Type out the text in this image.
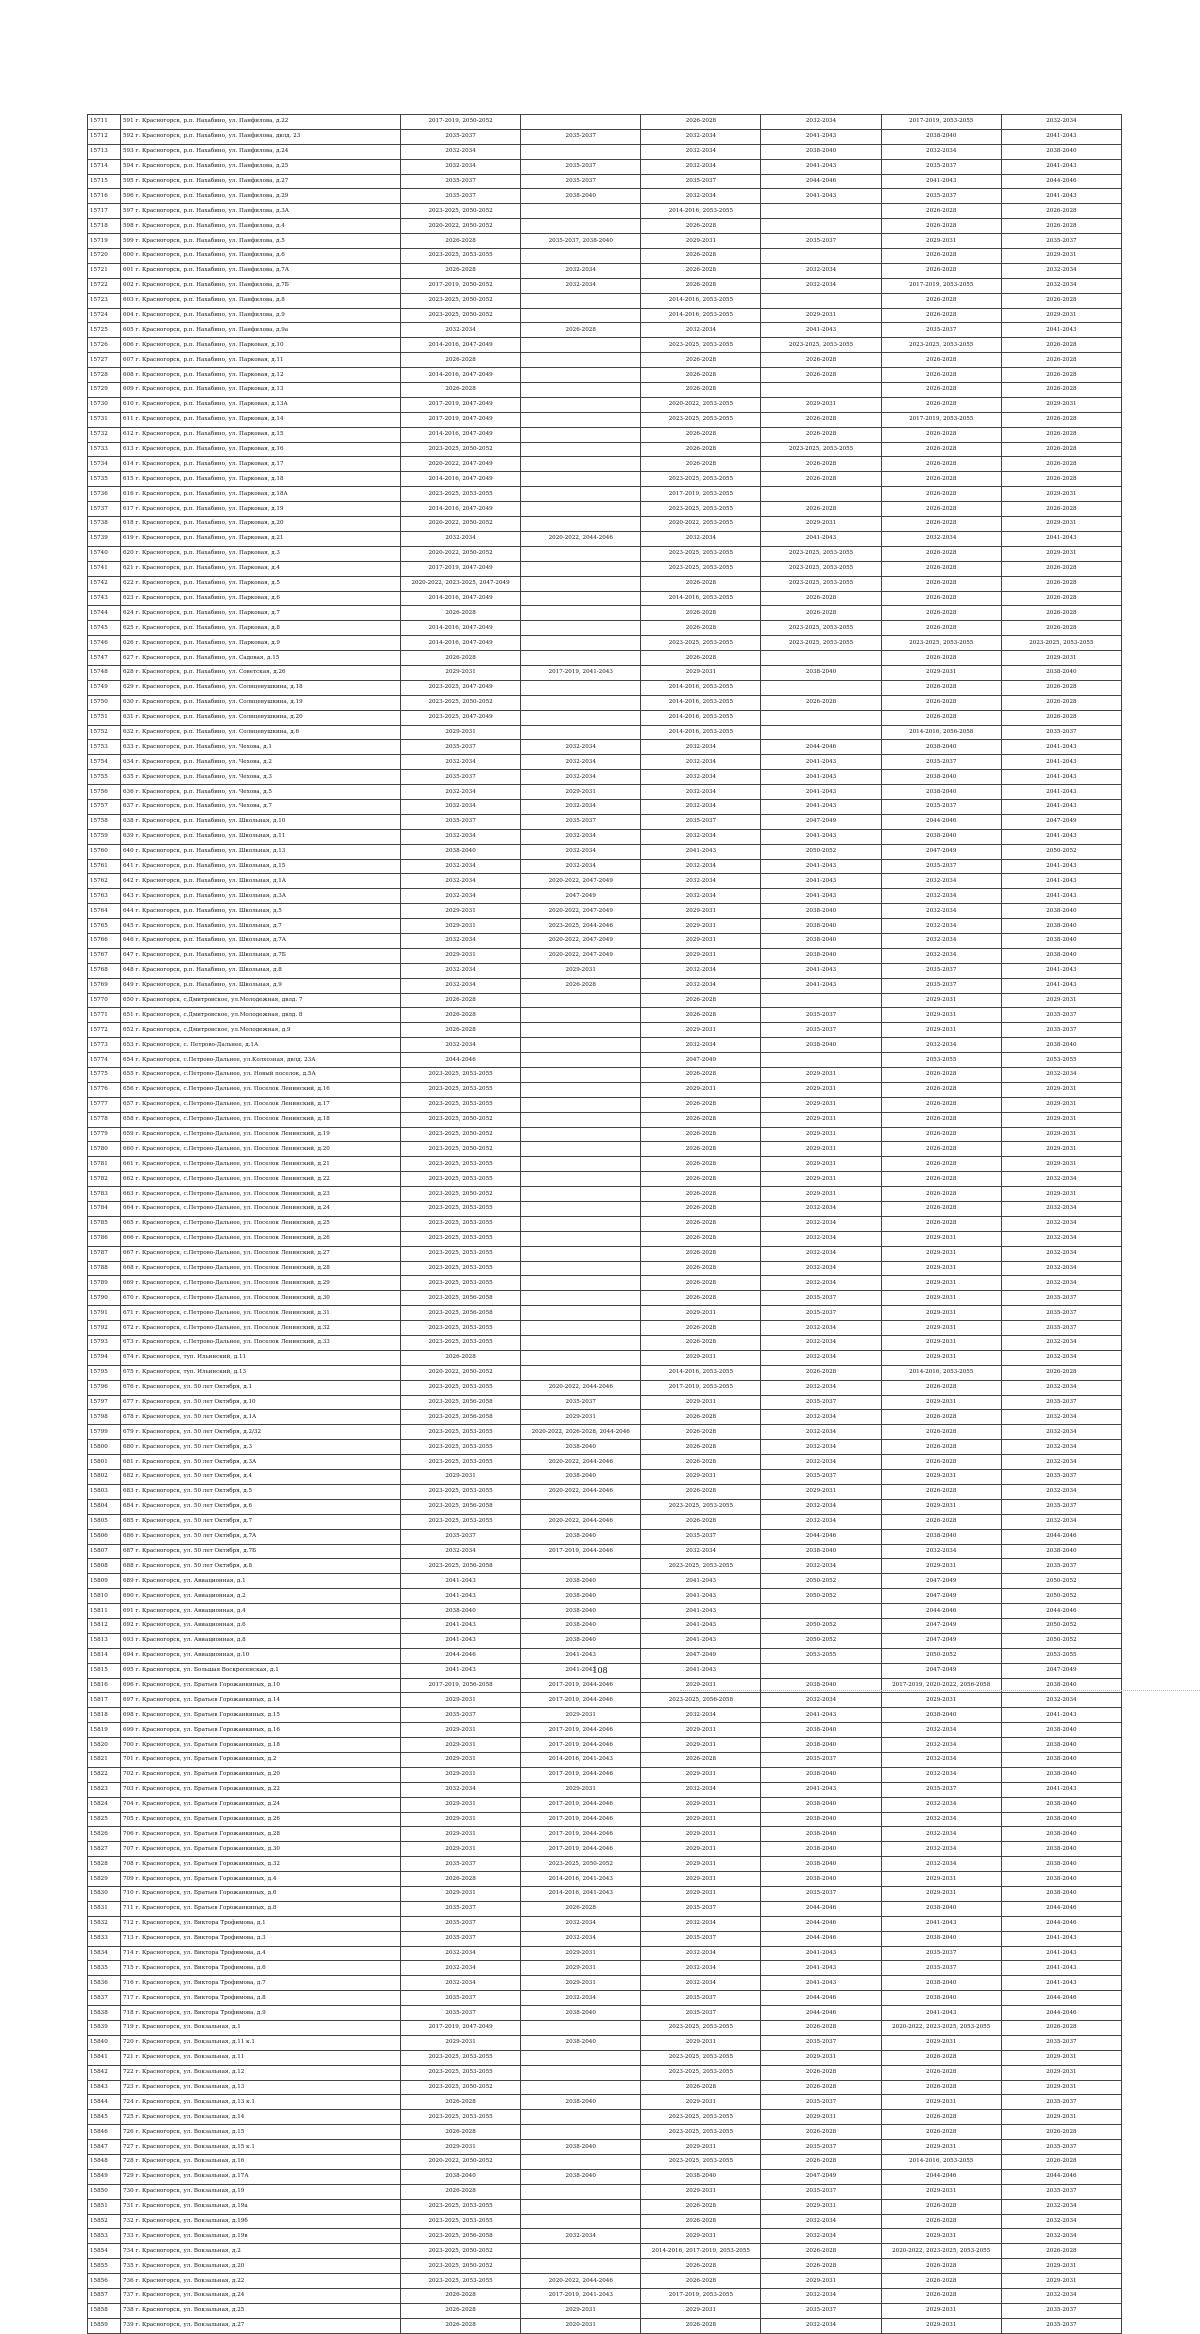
15711	591 г. Красногорск, р.п. Нахабино, ул. Панфилова, д.22	2017-2019, 2050-2052		2026-2028	2032-2034	2017-2019, 2053-2055	2032-2034
15712	592 г. Красногорск, р.п. Нахабино, ул. Панфилова, двлд. 23	2035-2037	2035-2037	2032-2034	2041-2043	2038-2040	2041-2043
15713	593 г. Красногорск, р.п. Нахабино, ул. Панфилова, д.24	2032-2034		2032-2034	2038-2040	2032-2034	2038-2040
15714	594 г. Красногорск, р.п. Нахабино, ул. Панфилова, д.25	2032-2034	2035-2037	2032-2034	2041-2043	2035-2037	2041-2043
15715	595 г. Красногорск, р.п. Нахабино, ул. Панфилова, д.27	2035-2037	2035-2037	2035-2037	2044-2046	2041-2043	2044-2046
15716	596 г. Красногорск, р.п. Нахабино, ул. Панфилова, д.29	2035-2037	2038-2040	2032-2034	2041-2043	2035-2037	2041-2043
15717	597 г. Красногорск, р.п. Нахабино, ул. Панфилова, д.3А	2023-2025, 2050-2052		2014-2016, 2053-2055		2026-2028	2026-2028
15718	598 г. Красногорск, р.п. Нахабино, ул. Панфилова, д.4	2020-2022, 2050-2052		2026-2028		2026-2028	2026-2028
15719	599 г. Красногорск, р.п. Нахабино, ул. Панфилова, д.5	2026-2028	2035-2037, 2038-2040	2029-2031	2035-2037	2029-2031	2035-2037
15720	600 г. Красногорск, р.п. Нахабино, ул. Панфилова, д.6	2023-2025, 2053-2055		2026-2028		2026-2028	2029-2031
15721	601 г. Красногорск, р.п. Нахабино, ул. Панфилова, д.7А	2026-2028	2032-2034	2026-2028	2032-2034	2026-2028	2032-2034
15722	602 г. Красногорск, р.п. Нахабино, ул. Панфилова, д.7Б	2017-2019, 2050-2052	2032-2034	2026-2028	2032-2034	2017-2019, 2053-2055	2032-2034
15723	603 г. Красногорск, р.п. Нахабино, ул. Панфилова, д.8	2023-2025, 2050-2052		2014-2016, 2053-2055		2026-2028	2026-2028
15724	604 г. Красногорск, р.п. Нахабино, ул. Панфилова, д.9	2023-2025, 2050-2052		2014-2016, 2053-2055	2029-2031	2026-2028	2029-2031
15725	605 г. Красногорск, р.п. Нахабино, ул. Панфилова, д.9а	2032-2034	2026-2028	2032-2034	2041-2043	2035-2037	2041-2043
15726	606 г. Красногорск, р.п. Нахабино, ул. Парковая, д.10	2014-2016, 2047-2049		2023-2025, 2053-2055	2023-2025, 2053-2055	2023-2025, 2053-2055	2026-2028
15727	607 г. Красногорск, р.п. Нахабино, ул. Парковая, д.11	2026-2028		2026-2028	2026-2028	2026-2028	2026-2028
15728	608 г. Красногорск, р.п. Нахабино, ул. Парковая, д.12	2014-2016, 2047-2049		2026-2028	2026-2028	2026-2028	2026-2028
15729	609 г. Красногорск, р.п. Нахабино, ул. Парковая, д.13	2026-2028		2026-2028		2026-2028	2026-2028
15730	610 г. Красногорск, р.п. Нахабино, ул. Парковая, д.13А	2017-2019, 2047-2049		2020-2022, 2053-2055	2029-2031	2026-2028	2029-2031
15731	611 г. Красногорск, р.п. Нахабино, ул. Парковая, д.14	2017-2019, 2047-2049		2023-2025, 2053-2055	2026-2028	2017-2019, 2053-2055	2026-2028
15732	612 г. Красногорск, р.п. Нахабино, ул. Парковая, д.15	2014-2016, 2047-2049		2026-2028	2026-2028	2026-2028	2026-2028
15733	613 г. Красногорск, р.п. Нахабино, ул. Парковая, д.16	2023-2025, 2050-2052		2026-2028	2023-2025, 2053-2055	2026-2028	2026-2028
15734	614 г. Красногорск, р.п. Нахабино, ул. Парковая, д.17	2020-2022, 2047-2049		2026-2028	2026-2028	2026-2028	2026-2028
15735	615 г. Красногорск, р.п. Нахабино, ул. Парковая, д.18	2014-2016, 2047-2049		2023-2025, 2053-2055	2026-2028	2026-2028	2026-2028
15736	616 г. Красногорск, р.п. Нахабино, ул. Парковая, д.18А	2023-2025, 2053-2055		2017-2019, 2053-2055		2026-2028	2029-2031
15737	617 г. Красногорск, р.п. Нахабино, ул. Парковая, д.19	2014-2016, 2047-2049		2023-2025, 2053-2055	2026-2028	2026-2028	2026-2028
15738	618 г. Красногорск, р.п. Нахабино, ул. Парковая, д.20	2020-2022, 2050-2052		2020-2022, 2053-2055	2029-2031	2026-2028	2029-2031
15739	619 г. Красногорск, р.п. Нахабино, ул. Парковая, д.21	2032-2034	2020-2022, 2044-2046	2032-2034	2041-2043	2032-2034	2041-2043
15740	620 г. Красногорск, р.п. Нахабино, ул. Парковая, д.3	2020-2022, 2050-2052		2023-2025, 2053-2055	2023-2025, 2053-2055	2026-2028	2029-2031
15741	621 г. Красногорск, р.п. Нахабино, ул. Парковая, д.4	2017-2019, 2047-2049		2023-2025, 2053-2055	2023-2025, 2053-2055	2026-2028	2026-2028
15742	622 г. Красногорск, р.п. Нахабино, ул. Парковая, д.5	2020-2022, 2023-2025, 2047-2049		2026-2028	2023-2025, 2053-2055	2026-2028	2026-2028
15743	623 г. Красногорск, р.п. Нахабино, ул. Парковая, д.6	2014-2016, 2047-2049		2014-2016, 2053-2055	2026-2028	2026-2028	2026-2028
15744	624 г. Красногорск, р.п. Нахабино, ул. Парковая, д.7	2026-2028		2026-2028	2026-2028	2026-2028	2026-2028
15745	625 г. Красногорск, р.п. Нахабино, ул. Парковая, д.8	2014-2016, 2047-2049		2026-2028	2023-2025, 2053-2055	2026-2028	2026-2028
15746	626 г. Красногорск, р.п. Нахабино, ул. Парковая, д.9	2014-2016, 2047-2049		2023-2025, 2053-2055	2023-2025, 2053-2055	2023-2025, 2053-2055	2023-2025, 2053-2055
15747	627 г. Красногорск, р.п. Нахабино, ул. Садовая, д.15	2026-2028		2026-2028		2026-2028	2029-2031
15748	628 г. Красногорск, р.п. Нахабино, ул. Советская, д.26	2029-2031	2017-2019, 2041-2043	2029-2031	2038-2040	2029-2031	2038-2040
15749	629 г. Красногорск, р.п. Нахабино, ул. Солнцевушкина, д.18	2023-2025, 2047-2049		2014-2016, 2053-2055		2026-2028	2026-2028
15750	630 г. Красногорск, р.п. Нахабино, ул. Солнцевушкина, д.19	2023-2025, 2050-2052		2014-2016, 2053-2055	2026-2028	2026-2028	2026-2028
15751	631 г. Красногорск, р.п. Нахабино, ул. Солнцевушкина, д.20	2023-2025, 2047-2049		2014-2016, 2053-2055		2026-2028	2026-2028
15752	632 г. Красногорск, р.п. Нахабино, ул. Солнцевушкина, д.6	2029-2031		2014-2016, 2053-2055		2014-2016, 2056-2058	2035-2037
15753	633 г. Красногорск, р.п. Нахабино, ул. Чехова, д.1	2035-2037	2032-2034	2032-2034	2044-2046	2038-2040	2041-2043
15754	634 г. Красногорск, р.п. Нахабино, ул. Чехова, д.2	2032-2034	2032-2034	2032-2034	2041-2043	2035-2037	2041-2043
15755	635 г. Красногорск, р.п. Нахабино, ул. Чехова, д.3	2035-2037	2032-2034	2032-2034	2041-2043	2038-2040	2041-2043
15756	636 г. Красногорск, р.п. Нахабино, ул. Чехова, д.5	2032-2034	2029-2031	2032-2034	2041-2043	2038-2040	2041-2043
15757	637 г. Красногорск, р.п. Нахабино, ул. Чехова, д.7	2032-2034	2032-2034	2032-2034	2041-2043	2035-2037	2041-2043
15758	638 г. Красногорск, р.п. Нахабино, ул. Школьная, д.10	2035-2037	2035-2037	2035-2037	2047-2049	2044-2046	2047-2049
15759	639 г. Красногорск, р.п. Нахабино, ул. Школьная, д.11	2032-2034	2032-2034	2032-2034	2041-2043	2038-2040	2041-2043
15760	640 г. Красногорск, р.п. Нахабино, ул. Школьная, д.13	2038-2040	2032-2034	2041-2043	2050-2052	2047-2049	2050-2052
15761	641 г. Красногорск, р.п. Нахабино, ул. Школьная, д.15	2032-2034	2032-2034	2032-2034	2041-2043	2035-2037	2041-2043
15762	642 г. Красногорск, р.п. Нахабино, ул. Школьная, д.1А	2032-2034	2020-2022, 2047-2049	2032-2034	2041-2043	2032-2034	2041-2043
15763	643 г. Красногорск, р.п. Нахабино, ул. Школьная, д.3А	2032-2034	2047-2049	2032-2034	2041-2043	2032-2034	2041-2043
15764	644 г. Красногорск, р.п. Нахабино, ул. Школьная, д.5	2029-2031	2020-2022, 2047-2049	2029-2031	2038-2040	2032-2034	2038-2040
15765	645 г. Красногорск, р.п. Нахабино, ул. Школьная, д.7	2029-2031	2023-2025, 2044-2046	2029-2031	2038-2040	2032-2034	2038-2040
15766	646 г. Красногорск, р.п. Нахабино, ул. Школьная, д.7А	2032-2034	2020-2022, 2047-2049	2029-2031	2038-2040	2032-2034	2038-2040
15767	647 г. Красногорск, р.п. Нахабино, ул. Школьная, д.7Б	2029-2031	2020-2022, 2047-2049	2029-2031	2038-2040	2032-2034	2038-2040
15768	648 г. Красногорск, р.п. Нахабино, ул. Школьная, д.8	2032-2034	2029-2031	2032-2034	2041-2043	2035-2037	2041-2043
15769	649 г. Красногорск, р.п. Нахабино, ул. Школьная, д.9	2032-2034	2026-2028	2032-2034	2041-2043	2035-2037	2041-2043
15770	650 г. Красногорск, с.Дмитровское, ул.Молодежная, двлд. 7	2026-2028		2026-2028		2029-2031	2029-2031
15771	651 г. Красногорск, с.Дмитровское, ул.Молодежная, двлд. 8	2026-2028		2026-2028	2035-2037	2029-2031	2035-2037
15772	652 г. Красногорск, с.Дмитровское, ул.Молодежная, д.9	2026-2028		2029-2031	2035-2037	2029-2031	2035-2037
15773	653 г. Красногорск, с. Петрово-Дальнее, д.1А	2032-2034		2032-2034	2038-2040	2032-2034	2038-2040
15774	654 г. Красногорск, с.Петрово-Дальнее, ул.Колхозная, двлд. 23А	2044-2046		2047-2049		2053-2055	2053-2055
15775	655 г. Красногорск, с.Петрово-Дальнее, ул. Новый поселок, д.5А	2023-2025, 2053-2055		2026-2028	2029-2031	2026-2028	2032-2034
15776	656 г. Красногорск, с.Петрово-Дальнее, ул. Поселок Ленинский, д.16	2023-2025, 2053-2055		2029-2031	2029-2031	2026-2028	2029-2031
15777	657 г. Красногорск, с.Петрово-Дальнее, ул. Поселок Ленинский, д.17	2023-2025, 2053-2055		2026-2028	2029-2031	2026-2028	2029-2031
15778	658 г. Красногорск, с.Петрово-Дальнее, ул. Поселок Ленинский, д.18	2023-2025, 2050-2052		2026-2028	2029-2031	2026-2028	2029-2031
15779	659 г. Красногорск, с.Петрово-Дальнее, ул. Поселок Ленинский, д.19	2023-2025, 2050-2052		2026-2028	2029-2031	2026-2028	2029-2031
15780	660 г. Красногорск, с.Петрово-Дальнее, ул. Поселок Ленинский, д.20	2023-2025, 2050-2052		2026-2028	2029-2031	2026-2028	2029-2031
15781	661 г. Красногорск, с.Петрово-Дальнее, ул. Поселок Ленинский, д.21	2023-2025, 2053-2055		2026-2028	2029-2031	2026-2028	2029-2031
15782	662 г. Красногорск, с.Петрово-Дальнее, ул. Поселок Ленинский, д.22	2023-2025, 2053-2055		2026-2028	2029-2031	2026-2028	2032-2034
15783	663 г. Красногорск, с.Петрово-Дальнее, ул. Поселок Ленинский, д.23	2023-2025, 2050-2052		2026-2028	2029-2031	2026-2028	2029-2031
15784	664 г. Красногорск, с.Петрово-Дальнее, ул. Поселок Ленинский, д.24	2023-2025, 2053-2055		2026-2028	2032-2034	2026-2028	2032-2034
15785	665 г. Красногорск, с.Петрово-Дальнее, ул. Поселок Ленинский, д.25	2023-2025, 2053-2055		2026-2028	2032-2034	2026-2028	2032-2034
15786	666 г. Красногорск, с.Петрово-Дальнее, ул. Поселок Ленинский, д.26	2023-2025, 2053-2055		2026-2028	2032-2034	2029-2031	2032-2034
15787	667 г. Красногорск, с.Петрово-Дальнее, ул. Поселок Ленинский, д.27	2023-2025, 2053-2055		2026-2028	2032-2034	2029-2031	2032-2034
15788	668 г. Красногорск, с.Петрово-Дальнее, ул. Поселок Ленинский, д.28	2023-2025, 2053-2055		2026-2028	2032-2034	2029-2031	2032-2034
15789	669 г. Красногорск, с.Петрово-Дальнее, ул. Поселок Ленинский, д.29	2023-2025, 2053-2055		2026-2028	2032-2034	2029-2031	2032-2034
15790	670 г. Красногорск, с.Петрово-Дальнее, ул. Поселок Ленинский, д.30	2023-2025, 2056-2058		2026-2028	2035-2037	2029-2031	2035-2037
15791	671 г. Красногорск, с.Петрово-Дальнее, ул. Поселок Ленинский, д.31	2023-2025, 2056-2058		2029-2031	2035-2037	2029-2031	2035-2037
15792	672 г. Красногорск, с.Петрово-Дальнее, ул. Поселок Ленинский, д.32	2023-2025, 2053-2055		2026-2028	2032-2034	2029-2031	2035-2037
15793	673 г. Красногорск, с.Петрово-Дальнее, ул. Поселок Ленинский, д.33	2023-2025, 2053-2055		2026-2028	2032-2034	2029-2031	2032-2034
15794	674 г. Красногорск, туп. Ильинский, д.11	2026-2028		2029-2031	2032-2034	2029-2031	2032-2034
15795	675 г. Красногорск, туп. Ильинский, д.13	2020-2022, 2050-2052		2014-2016, 2053-2055	2026-2028	2014-2016, 2053-2055	2026-2028
15796	676 г. Красногорск, ул. 50 лет Октября, д.1	2023-2025, 2053-2055	2020-2022, 2044-2046	2017-2019, 2053-2055	2032-2034	2026-2028	2032-2034
15797	677 г. Красногорск, ул. 50 лет Октября, д.10	2023-2025, 2056-2058	2035-2037	2029-2031	2035-2037	2029-2031	2035-2037
15798	678 г. Красногорск, ул. 50 лет Октября, д.1А	2023-2025, 2056-2058	2029-2031	2026-2028	2032-2034	2026-2028	2032-2034
15799	679 г. Красногорск, ул. 50 лет Октября, д.2/32	2023-2025, 2053-2055	2020-2022, 2026-2028, 2044-2046	2026-2028	2032-2034	2026-2028	2032-2034
15800	680 г. Красногорск, ул. 50 лет Октября, д.3	2023-2025, 2053-2055	2038-2040	2026-2028	2032-2034	2026-2028	2032-2034
15801	681 г. Красногорск, ул. 50 лет Октября, д.3А	2023-2025, 2053-2055	2020-2022, 2044-2046	2026-2028	2032-2034	2026-2028	2032-2034
15802	682 г. Красногорск, ул. 50 лет Октября, д.4	2029-2031	2038-2040	2029-2031	2035-2037	2029-2031	2035-2037
15803	683 г. Красногорск, ул. 50 лет Октября, д.5	2023-2025, 2053-2055	2020-2022, 2044-2046	2026-2028	2029-2031	2026-2028	2032-2034
15804	684 г. Красногорск, ул. 50 лет Октября, д.6	2023-2025, 2056-2058		2023-2025, 2053-2055	2032-2034	2029-2031	2035-2037
15805	685 г. Красногорск, ул. 50 лет Октября, д.7	2023-2025, 2053-2055	2020-2022, 2044-2046	2026-2028	2032-2034	2026-2028	2032-2034
15806	686 г. Красногорск, ул. 50 лет Октября, д.7А	2035-2037	2038-2040	2035-2037	2044-2046	2038-2040	2044-2046
15807	687 г. Красногорск, ул. 50 лет Октября, д.7Б	2032-2034	2017-2019, 2044-2046	2032-2034	2038-2040	2032-2034	2038-2040
15808	688 г. Красногорск, ул. 50 лет Октября, д.8	2023-2025, 2056-2058		2023-2025, 2053-2055	2032-2034	2029-2031	2035-2037
15809	689 г. Красногорск, ул. Авиационная, д.1	2041-2043	2038-2040	2041-2043	2050-2052	2047-2049	2050-2052
15810	690 г. Красногорск, ул. Авиационная, д.2	2041-2043	2038-2040	2041-2043	2050-2052	2047-2049	2050-2052
15811	691 г. Красногорск, ул. Авиационная, д.4	2038-2040	2038-2040	2041-2043		2044-2046	2044-2046
15812	692 г. Красногорск, ул. Авиационная, д.6	2041-2043	2038-2040	2041-2043	2050-2052	2047-2049	2050-2052
15813	693 г. Красногорск, ул. Авиационная, д.8	2041-2043	2038-2040	2041-2043	2050-2052	2047-2049	2050-2052
15814	694 г. Красногорск, ул. Авиационная, д.10	2044-2046	2041-2043	2047-2049	2053-2055	2050-2052	2053-2055
15815	695 г. Красногорск, ул. Большая Воскресенская, д.1	2041-2043	2041-2043	2041-2043		2047-2049	2047-2049
15816	696 г. Красногорск, ул. Братьев Горожанкиных, д.10	2017-2019, 2056-2058	2017-2019, 2044-2046	2029-2031	2038-2040	2017-2019, 2020-2022, 2056-2058	2038-2040
15817	697 г. Красногорск, ул. Братьев Горожанкиных, д.14	2029-2031	2017-2019, 2044-2046	2023-2025, 2056-2058	2032-2034	2029-2031	2032-2034
15818	698 г. Красногорск, ул. Братьев Горожанкиных, д.15	2035-2037	2029-2031	2032-2034	2041-2043	2038-2040	2041-2043
15819	699 г. Красногорск, ул. Братьев Горожанкиных, д.16	2029-2031	2017-2019, 2044-2046	2029-2031	2038-2040	2032-2034	2038-2040
15820	700 г. Красногорск, ул. Братьев Горожанкиных, д.18	2029-2031	2017-2019, 2044-2046	2029-2031	2038-2040	2032-2034	2038-2040
15821	701 г. Красногорск, ул. Братьев Горожанкиных, д.2	2029-2031	2014-2016, 2041-2043	2026-2028	2035-2037	2032-2034	2038-2040
15822	702 г. Красногорск, ул. Братьев Горожанкиных, д.20	2029-2031	2017-2019, 2044-2046	2029-2031	2038-2040	2032-2034	2038-2040
15823	703 г. Красногорск, ул. Братьев Горожанкиных, д.22	2032-2034	2029-2031	2032-2034	2041-2043	2035-2037	2041-2043
15824	704 г. Красногорск, ул. Братьев Горожанкиных, д.24	2029-2031	2017-2019, 2044-2046	2029-2031	2038-2040	2032-2034	2038-2040
15825	705 г. Красногорск, ул. Братьев Горожанкиных, д.26	2029-2031	2017-2019, 2044-2046	2029-2031	2038-2040	2032-2034	2038-2040
15826	706 г. Красногорск, ул. Братьев Горожанкиных, д.28	2029-2031	2017-2019, 2044-2046	2029-2031	2038-2040	2032-2034	2038-2040
15827	707 г. Красногорск, ул. Братьев Горожанкиных, д.30	2029-2031	2017-2019, 2044-2046	2029-2031	2038-2040	2032-2034	2038-2040
15828	708 г. Красногорск, ул. Братьев Горожанкиных, д.32	2035-2037	2023-2025, 2050-2052	2029-2031	2038-2040	2032-2034	2038-2040
15829	709 г. Красногорск, ул. Братьев Горожанкиных, д.4	2026-2028	2014-2016, 2041-2043	2029-2031	2038-2040	2029-2031	2038-2040
15830	710 г. Красногорск, ул. Братьев Горожанкиных, д.6	2029-2031	2014-2016, 2041-2043	2029-2031	2035-2037	2029-2031	2038-2040
15831	711 г. Красногорск, ул. Братьев Горожанкиных, д.8	2035-2037	2026-2028	2035-2037	2044-2046	2038-2040	2044-2046
15832	712 г. Красногорск, ул. Виктора Трофимова, д.1	2035-2037	2032-2034	2032-2034	2044-2046	2041-2043	2044-2046
15833	713 г. Красногорск, ул. Виктора Трофимова, д.3	2035-2037	2032-2034	2035-2037	2044-2046	2038-2040	2041-2043
15834	714 г. Красногорск, ул. Виктора Трофимова, д.4	2032-2034	2029-2031	2032-2034	2041-2043	2035-2037	2041-2043
15835	715 г. Красногорск, ул. Виктора Трофимова, д.6	2032-2034	2029-2031	2032-2034	2041-2043	2035-2037	2041-2043
15836	716 г. Красногорск, ул. Виктора Трофимова, д.7	2032-2034	2029-2031	2032-2034	2041-2043	2038-2040	2041-2043
15837	717 г. Красногорск, ул. Виктора Трофимова, д.8	2035-2037	2032-2034	2035-2037	2044-2046	2038-2040	2044-2046
15838	718 г. Красногорск, ул. Виктора Трофимова, д.9	2035-2037	2038-2040	2035-2037	2044-2046	2041-2043	2044-2046
15839	719 г. Красногорск, ул. Вокзальная, д.1	2017-2019, 2047-2049		2023-2025, 2053-2055	2026-2028	2020-2022, 2023-2025, 2053-2055	2026-2028
15840	720 г. Красногорск, ул. Вокзальная, д.11 к.1	2029-2031	2038-2040	2029-2031	2035-2037	2029-2031	2035-2037
15841	721 г. Красногорск, ул. Вокзальная, д.11	2023-2025, 2053-2055		2023-2025, 2053-2055	2029-2031	2026-2028	2029-2031
15842	722 г. Красногорск, ул. Вокзальная, д.12	2023-2025, 2053-2055		2023-2025, 2053-2055	2026-2028	2026-2028	2029-2031
15843	723 г. Красногорск, ул. Вокзальная, д.13	2023-2025, 2050-2052		2026-2028	2026-2028	2026-2028	2029-2031
15844	724 г. Красногорск, ул. Вокзальная, д.13 к.1	2026-2028	2038-2040	2029-2031	2035-2037	2029-2031	2035-2037
15845	725 г. Красногорск, ул. Вокзальная, д.14	2023-2025, 2053-2055		2023-2025, 2053-2055	2029-2031	2026-2028	2029-2031
15846	726 г. Красногорск, ул. Вокзальная, д.15	2026-2028		2023-2025, 2053-2055	2026-2028	2026-2028	2026-2028
15847	727 г. Красногорск, ул. Вокзальная, д.15 к.1	2029-2031	2038-2040	2029-2031	2035-2037	2029-2031	2035-2037
15848	728 г. Красногорск, ул. Вокзальная, д.16	2020-2022, 2050-2052		2023-2025, 2053-2055	2026-2028	2014-2016, 2053-2055	2026-2028
15849	729 г. Красногорск, ул. Вокзальная, д.17А	2038-2040	2038-2040	2038-2040	2047-2049	2044-2046	2044-2046
15850	730 г. Красногорск, ул. Вокзальная, д.19	2026-2028		2029-2031	2035-2037	2029-2031	2035-2037
15851	731 г. Красногорск, ул. Вокзальная, д.19а	2023-2025, 2053-2055		2026-2028	2029-2031	2026-2028	2032-2034
15852	732 г. Красногорск, ул. Вокзальная, д.19б	2023-2025, 2053-2055		2026-2028	2032-2034	2026-2028	2032-2034
15853	733 г. Красногорск, ул. Вокзальная, д.19в	2023-2025, 2056-2058	2032-2034	2029-2031	2032-2034	2029-2031	2032-2034
15854	734 г. Красногорск, ул. Вокзальная, д.2	2023-2025, 2050-2052		2014-2016, 2017-2019, 2053-2055	2026-2028	2020-2022, 2023-2025, 2053-2055	2026-2028
15855	735 г. Красногорск, ул. Вокзальная, д.20	2023-2025, 2050-2052		2026-2028	2026-2028	2026-2028	2029-2031
15856	736 г. Красногорск, ул. Вокзальная, д.22	2023-2025, 2053-2055	2020-2022, 2044-2046	2026-2028	2029-2031	2026-2028	2029-2031
15857	737 г. Красногорск, ул. Вокзальная, д.24	2026-2028	2017-2019, 2041-2043	2017-2019, 2053-2055	2032-2034	2026-2028	2032-2034
15858	738 г. Красногорск, ул. Вокзальная, д.25	2026-2028	2029-2031	2029-2031	2035-2037	2029-2031	2035-2037
15859	739 г. Красногорск, ул. Вокзальная, д.27	2026-2028	2020-2031	2026-2028	2032-2034	2029-2031	2035-2037
108
